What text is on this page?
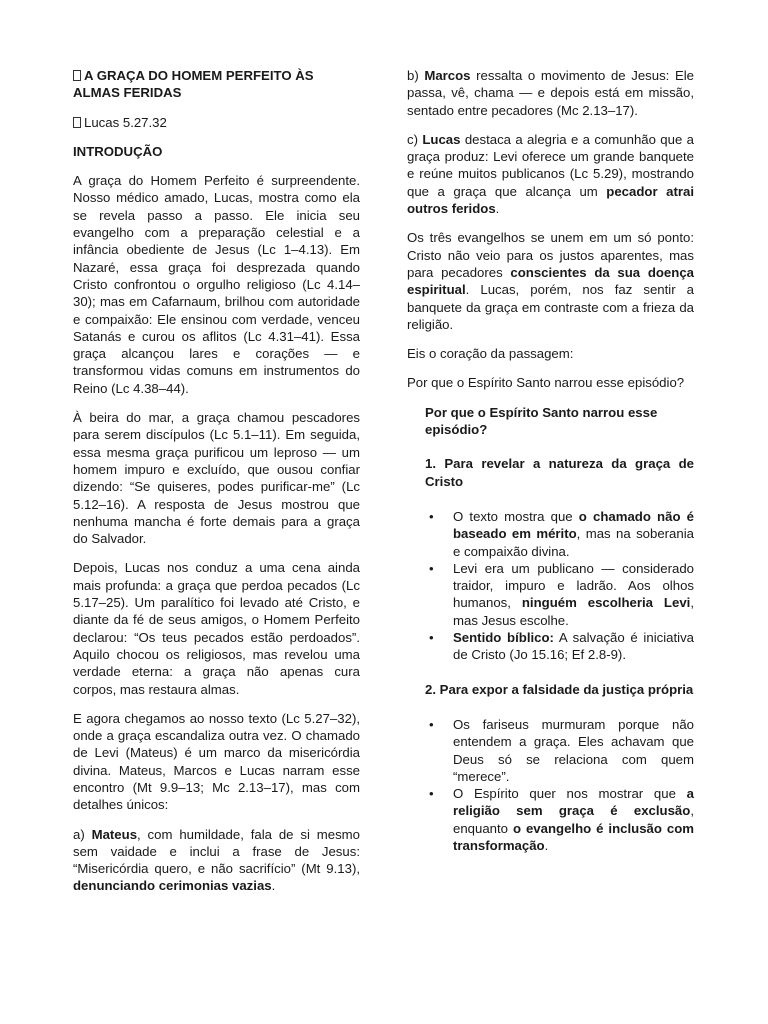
A GRAÇA DO HOMEM PERFEITO ÀS ALMAS FERIDAS

Lucas 5.27.32

INTRODUÇÃO

A graça do Homem Perfeito é surpreendente. Nosso médico amado, Lucas, mostra como ela se revela passo a passo. Ele inicia seu evangelho com a preparação celestial e a infância obediente de Jesus (Lc 1–4.13). Em Nazaré, essa graça foi desprezada quando Cristo confrontou o orgulho religioso (Lc 4.14–30); mas em Cafarnaum, brilhou com autoridade e compaixão: Ele ensinou com verdade, venceu Satanás e curou os aflitos (Lc 4.31–41). Essa graça alcançou lares e corações — e transformou vidas comuns em instrumentos do Reino (Lc 4.38–44).

À beira do mar, a graça chamou pescadores para serem discípulos (Lc 5.1–11). Em seguida, essa mesma graça purificou um leproso — um homem impuro e excluído, que ousou confiar dizendo: “Se quiseres, podes purificar-me” (Lc 5.12–16). A resposta de Jesus mostrou que nenhuma mancha é forte demais para a graça do Salvador.

Depois, Lucas nos conduz a uma cena ainda mais profunda: a graça que perdoa pecados (Lc 5.17–25). Um paralítico foi levado até Cristo, e diante da fé de seus amigos, o Homem Perfeito declarou: “Os teus pecados estão perdoados”. Aquilo chocou os religiosos, mas revelou uma verdade eterna: a graça não apenas cura corpos, mas restaura almas.

E agora chegamos ao nosso texto (Lc 5.27–32), onde a graça escandaliza outra vez. O chamado de Levi (Mateus) é um marco da misericórdia divina. Mateus, Marcos e Lucas narram esse encontro (Mt 9.9–13; Mc 2.13–17), mas com detalhes únicos:

a) Mateus, com humildade, fala de si mesmo sem vaidade e inclui a frase de Jesus: “Misericórdia quero, e não sacrifício” (Mt 9.13), denunciando cerimonias vazias.

b) Marcos ressalta o movimento de Jesus: Ele passa, vê, chama — e depois está em missão, sentado entre pecadores (Mc 2.13–17).

c) Lucas destaca a alegria e a comunhão que a graça produz: Levi oferece um grande banquete e reúne muitos publicanos (Lc 5.29), mostrando que a graça que alcança um pecador atrai outros feridos.

Os três evangelhos se unem em um só ponto: Cristo não veio para os justos aparentes, mas para pecadores conscientes da sua doença espiritual. Lucas, porém, nos faz sentir a banquete da graça em contraste com a frieza da religião.

Eis o coração da passagem:

Por que o Espírito Santo narrou esse episódio?

Por que o Espírito Santo narrou esse episódio?

1. Para revelar a natureza da graça de Cristo

• O texto mostra que o chamado não é baseado em mérito, mas na soberania e compaixão divina.
• Levi era um publicano — considerado traidor, impuro e ladrão. Aos olhos humanos, ninguém escolheria Levi, mas Jesus escolhe.
• Sentido bíblico: A salvação é iniciativa de Cristo (Jo 15.16; Ef 2.8-9).

2. Para expor a falsidade da justiça própria

• Os fariseus murmuram porque não entendem a graça. Eles achavam que Deus só se relaciona com quem “merece”.
• O Espírito quer nos mostrar que a religião sem graça é exclusão, enquanto o evangelho é inclusão com transformação.
